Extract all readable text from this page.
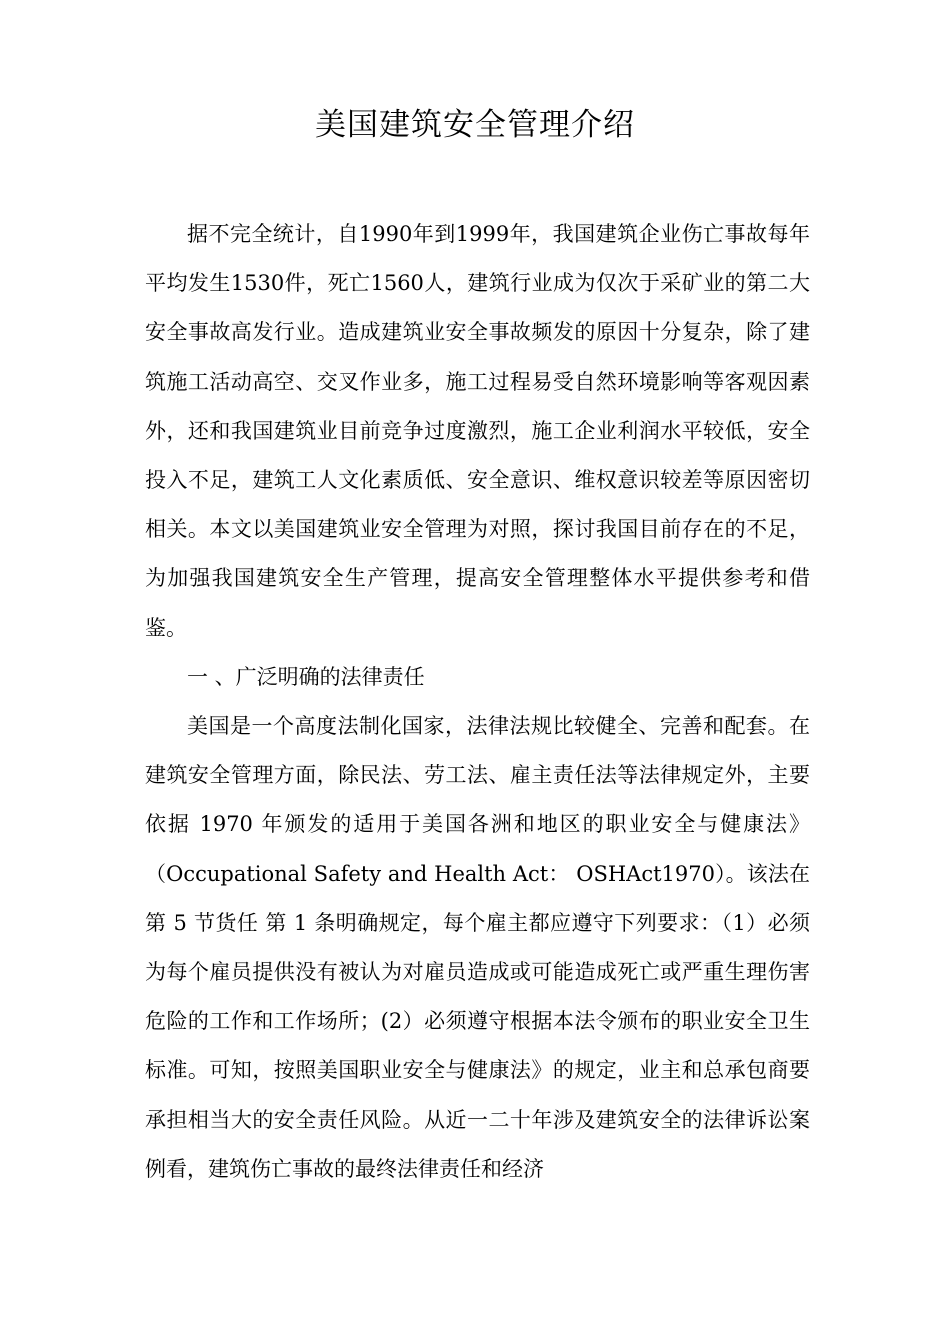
美国建筑安全管理介绍

据不完全统计，自1990年到1999年，我国建筑企业伤亡事故每年平均发生1530件，死亡1560人，建筑行业成为仅次于采矿业的第二大安全事故高发行业。造成建筑业安全事故频发的原因十分复杂，除了建筑施工活动高空、交叉作业多，施工过程易受自然环境影响等客观因素外，还和我国建筑业目前竞争过度激烈，施工企业利润水平较低，安全投入不足，建筑工人文化素质低、安全意识、维权意识较差等原因密切相关。本文以美国建筑业安全管理为对照，探讨我国目前存在的不足，为加强我国建筑安全生产管理，提高安全管理整体水平提供参考和借鉴。

一 、广泛明确的法律责任

美国是一个高度法制化国家，法律法规比较健全、完善和配套。在建筑安全管理方面，除民法、劳工法、雇主责任法等法律规定外，主要依据 1970 年颁发的适用于美国各洲和地区的职业安全与健康法》（Occupational Safety and Health Act： OSHAct1970）。该法在第 5 节货任 第 1 条明确规定，每个雇主都应遵守下列要求：（1）必须为每个雇员提供没有被认为对雇员造成或可能造成死亡或严重生理伤害危险的工作和工作场所；(2）必须遵守根据本法令颁布的职业安全卫生标准。可知，按照美国职业安全与健康法》的规定，业主和总承包商要承担相当大的安全责任风险。从近一二十年涉及建筑安全的法律诉讼案例看，建筑伤亡事故的最终法律责任和经济
